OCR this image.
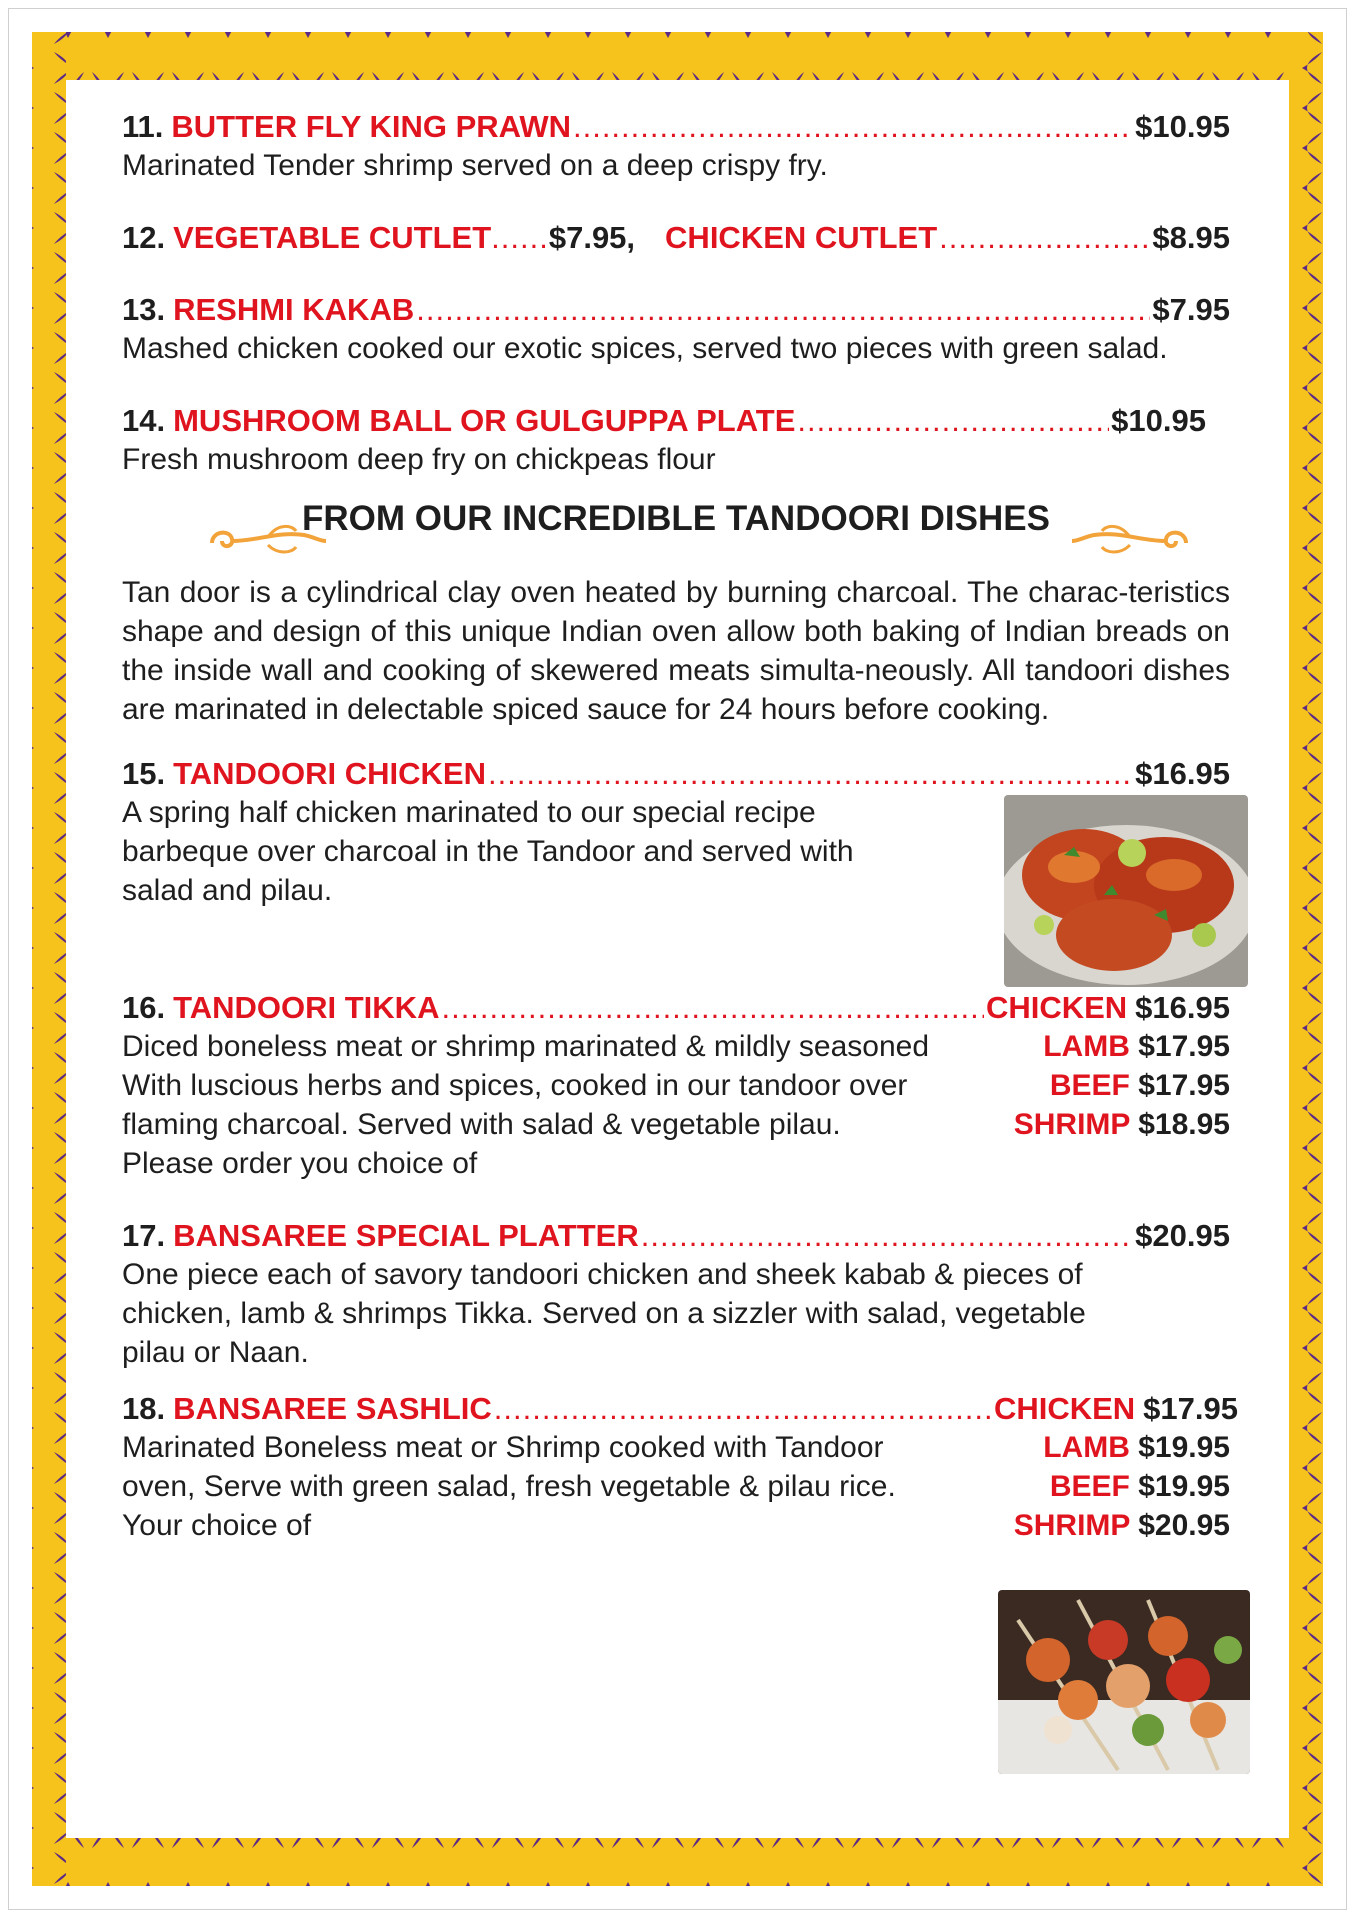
11. BUTTER FLY KING PRAWN .....	$10.95
Marinated Tender shrimp served on a deep crispy fry.
12. VEGETABLE CUTLET ...... $7.95, CHICKEN CUTLET .....	$8.95
13. RESHMI KAKAB .....	$7.95
Mashed chicken cooked our exotic spices, served two pieces with green salad.
14. MUSHROOM BALL OR GULGUPPA PLATE .....	$10.95
Fresh mushroom deep fry on chickpeas flour
FROM OUR INCREDIBLE TANDOORI DISHES
Tan door is a cylindrical clay oven heated by burning charcoal. The charac-teristics shape and design of this unique Indian oven allow both baking of Indian breads on the inside wall and cooking of skewered meats simulta-neously. All tandoori dishes are marinated in delectable spiced sauce for 24 hours before cooking.
15. TANDOORI CHICKEN .....	$16.95
A spring half chicken marinated to our special recipe
barbeque over charcoal in the Tandoor and served with
salad and pilau.
16. TANDOORI TIKKA .....	CHICKEN $16.95
Diced boneless meat or shrimp marinated & mildly seasoned	LAMB $17.95
With luscious herbs and spices, cooked in our tandoor over	BEEF $17.95
flaming charcoal. Served with salad & vegetable pilau.	SHRIMP $18.95
Please order you choice of
17. BANSAREE SPECIAL PLATTER .....	$20.95
One piece each of savory tandoori chicken and sheek kabab & pieces of
chicken, lamb & shrimps Tikka. Served on a sizzler with salad, vegetable
pilau or Naan.
18. BANSAREE SASHLIC .....	CHICKEN $17.95
Marinated Boneless meat or Shrimp cooked with Tandoor	LAMB $19.95
oven, Serve with green salad, fresh vegetable & pilau rice.	BEEF $19.95
Your choice of	SHRIMP $20.95
